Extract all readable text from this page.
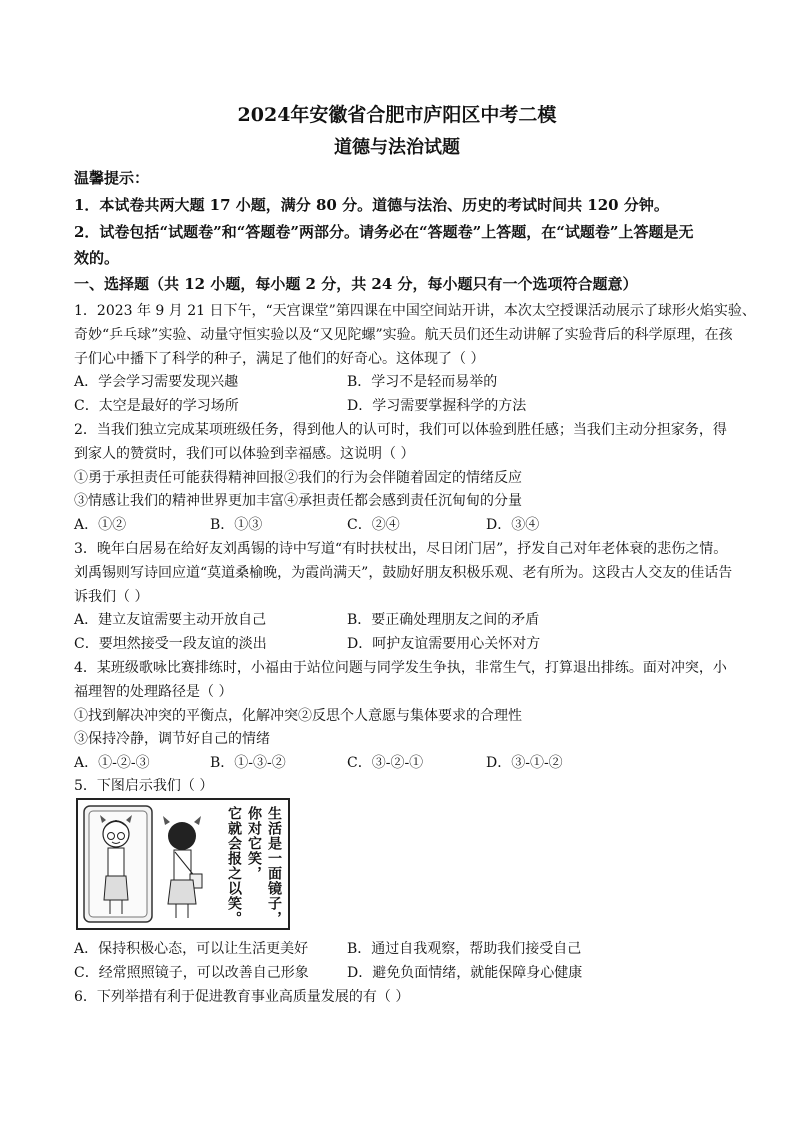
2024年安徽省合肥市庐阳区中考二模
道德与法治试题
温馨提示：
1．本试卷共两大题 17 小题，满分 80 分。道德与法治、历史的考试时间共 120 分钟。
2．试卷包括“试题卷”和“答题卷”两部分。请务必在“答题卷”上答题，在“试题卷”上答题是无
效的。
一、选择题（共 12 小题，每小题 2 分，共 24 分，每小题只有一个选项符合题意）
1．2023 年 9 月 21 日下午，“天宫课堂”第四课在中国空间站开讲，本次太空授课活动展示了球形火焰实验、
奇妙“乒乓球”实验、动量守恒实验以及“又见陀螺”实验。航天员们还生动讲解了实验背后的科学原理，在孩
子们心中播下了科学的种子，满足了他们的好奇心。这体现了（ ）
A．学会学习需要发现兴趣	B．学习不是轻而易举的
C．太空是最好的学习场所	D．学习需要掌握科学的方法
2．当我们独立完成某项班级任务，得到他人的认可时，我们可以体验到胜任感；当我们主动分担家务，得
到家人的赞赏时，我们可以体验到幸福感。这说明（ ）
①勇于承担责任可能获得精神回报②我们的行为会伴随着固定的情绪反应
③情感让我们的精神世界更加丰富④承担责任都会感到责任沉甸甸的分量
A．①②	B．①③	C．②④	D．③④
3．晚年白居易在给好友刘禹锡的诗中写道“有时扶杖出，尽日闭门居”，抒发自己对年老体衰的悲伤之情。
刘禹锡则写诗回应道“莫道桑榆晚，为霞尚满天”，鼓励好朋友积极乐观、老有所为。这段古人交友的佳话告
诉我们（ ）
A．建立友谊需要主动开放自己	B．要正确处理朋友之间的矛盾
C．要坦然接受一段友谊的淡出	D．呵护友谊需要用心关怀对方
4．某班级歌咏比赛排练时，小福由于站位问题与同学发生争执，非常生气，打算退出排练。面对冲突，小
福理智的处理路径是（ ）
①找到解决冲突的平衡点，化解冲突②反思个人意愿与集体要求的合理性
③保持冷静，调节好自己的情绪
A．①-②-③	B．①-③-②	C．③-②-①	D．③-①-②
5．下图启示我们（ ）
生活是一面镜子，
你对它笑，
它就会报之以笑。
A．保持积极心态，可以让生活更美好	B．通过自我观察，帮助我们接受自己
C．经常照照镜子，可以改善自己形象	D．避免负面情绪，就能保障身心健康
6．下列举措有利于促进教育事业高质量发展的有（ ）
